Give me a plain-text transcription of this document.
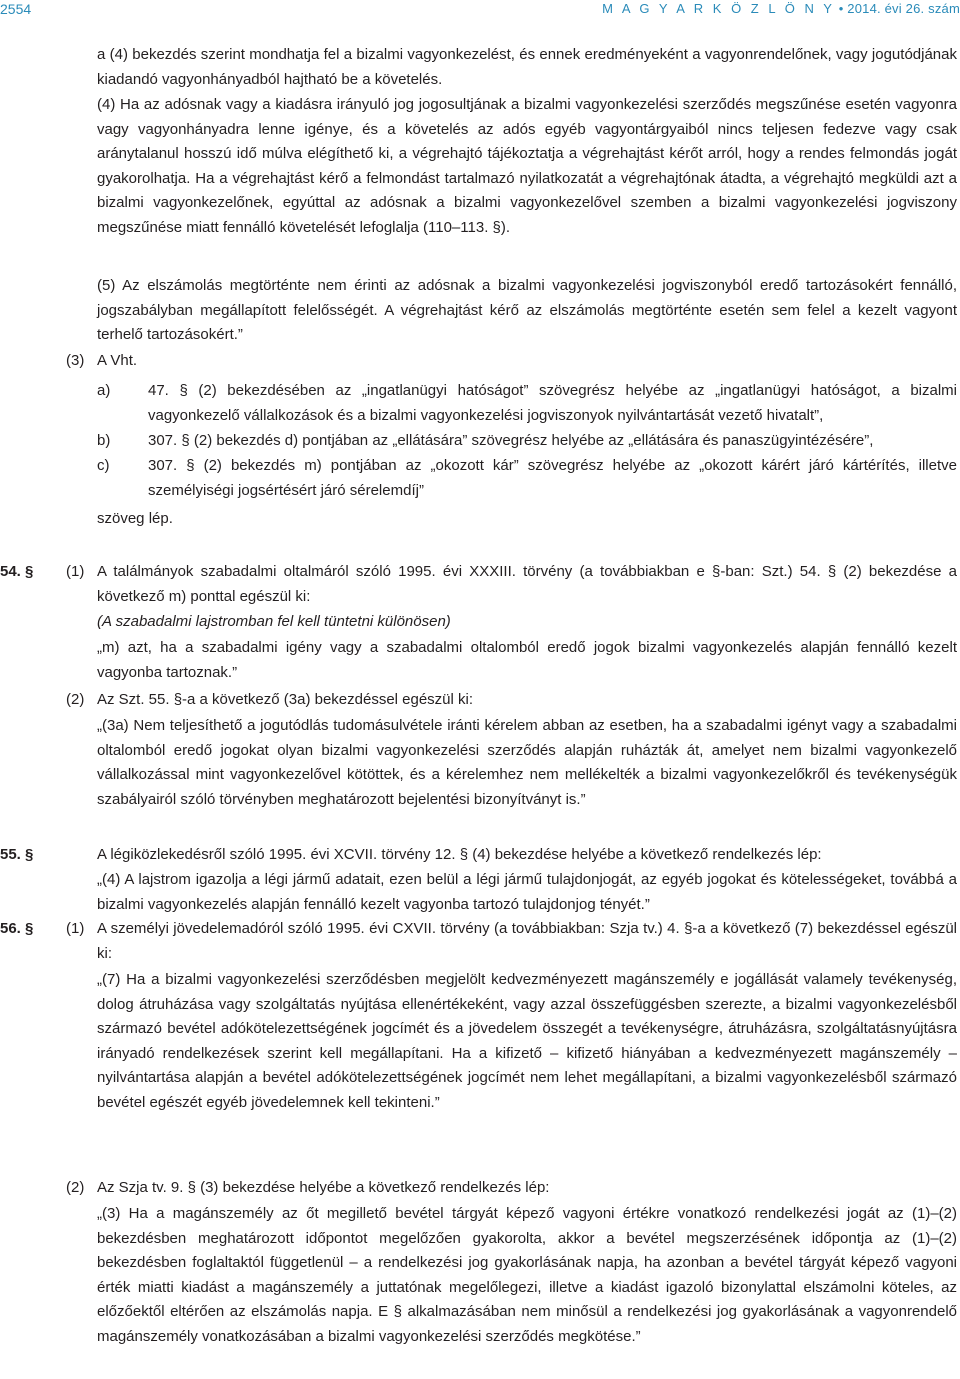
2554	M A G Y A R K Ö Z L Ö N Y • 2014. évi 26. szám

a (4) bekezdés szerint mondhatja fel a bizalmi vagyonkezelést, és ennek eredményeként a vagyonrendelőnek, vagy jogutódjának kiadandó vagyonhányadból hajtható be a követelés.

(4) Ha az adósnak vagy a kiadásra irányuló jog jogosultjának a bizalmi vagyonkezelési szerződés megszűnése esetén vagyonra vagy vagyonhányadra lenne igénye, és a követelés az adós egyéb vagyontárgyaiból nincs teljesen fedezve vagy csak aránytalanul hosszú idő múlva elégíthető ki, a végrehajtó tájékoztatja a végrehajtást kérőt arról, hogy a rendes felmondás jogát gyakorolhatja. Ha a végrehajtást kérő a felmondást tartalmazó nyilatkozatát a végrehajtónak átadta, a végrehajtó megküldi azt a bizalmi vagyonkezelőnek, egyúttal az adósnak a bizalmi vagyonkezelővel szemben a bizalmi vagyonkezelési jogviszony megszűnése miatt fennálló követelését lefoglalja (110–113. §).

(5) Az elszámolás megtörténte nem érinti az adósnak a bizalmi vagyonkezelési jogviszonyból eredő tartozásokért fennálló, jogszabályban megállapított felelősségét. A végrehajtást kérő az elszámolás megtörténte esetén sem felel a kezelt vagyont terhelő tartozásokért.”

(3) A Vht.

a)	47. § (2) bekezdésében az „ingatlanügyi hatóságot” szövegrész helyébe az „ingatlanügyi hatóságot, a bizalmi vagyonkezelő vállalkozások és a bizalmi vagyonkezelési jogviszonyok nyilvántartását vezető hivatalt”,

b)	307. § (2) bekezdés d) pontjában az „ellátására” szövegrész helyébe az „ellátására és panaszügyintézésére”,

c)	307. § (2) bekezdés m) pontjában az „okozott kár” szövegrész helyébe az „okozott kárért járó kártérítés, illetve személyiségi jogsértésért járó sérelemdíj”

szöveg lép.

54. § (1) A találmányok szabadalmi oltalmáról szóló 1995. évi XXXIII. törvény (a továbbiakban e §-ban: Szt.) 54. § (2) bekezdése a következő m) ponttal egészül ki:

(A szabadalmi lajstromban fel kell tüntetni különösen)

„m) azt, ha a szabadalmi igény vagy a szabadalmi oltalomból eredő jogok bizalmi vagyonkezelés alapján fennálló kezelt vagyonba tartoznak.”

(2) Az Szt. 55. §-a a következő (3a) bekezdéssel egészül ki:

„(3a) Nem teljesíthető a jogutódlás tudomásulvétele iránti kérelem abban az esetben, ha a szabadalmi igényt vagy a szabadalmi oltalomból eredő jogokat olyan bizalmi vagyonkezelési szerződés alapján ruházták át, amelyet nem bizalmi vagyonkezelő vállalkozással mint vagyonkezelővel kötöttek, és a kérelemhez nem mellékelték a bizalmi vagyonkezelőkről és tevékenységük szabályairól szóló törvényben meghatározott bejelentési bizonyítványt is.”

55. §	A légiközlekedésről szóló 1995. évi XCVII. törvény 12. § (4) bekezdése helyébe a következő rendelkezés lép:

„(4) A lajstrom igazolja a légi jármű adatait, ezen belül a légi jármű tulajdonjogát, az egyéb jogokat és kötelességeket, továbbá a bizalmi vagyonkezelés alapján fennálló kezelt vagyonba tartozó tulajdonjog tényét.”

56. § (1) A személyi jövedelemadóról szóló 1995. évi CXVII. törvény (a továbbiakban: Szja tv.) 4. §-a a következő (7) bekezdéssel egészül ki:

„(7) Ha a bizalmi vagyonkezelési szerződésben megjelölt kedvezményezett magánszemély e jogállását valamely tevékenység, dolog átruházása vagy szolgáltatás nyújtása ellenértékeként, vagy azzal összefüggésben szerezte, a bizalmi vagyonkezelésből származó bevétel adókötelezettségének jogcímét és a jövedelem összegét a tevékenységre, átruházásra, szolgáltatásnyújtásra irányadó rendelkezések szerint kell megállapítani. Ha a kifizető – kifizető hiányában a kedvezményezett magánszemély – nyilvántartása alapján a bevétel adókötelezettségének jogcímét nem lehet megállapítani, a bizalmi vagyonkezelésből származó bevétel egészét egyéb jövedelemnek kell tekinteni.”

(2) Az Szja tv. 9. § (3) bekezdése helyébe a következő rendelkezés lép:

„(3) Ha a magánszemély az őt megillető bevétel tárgyát képező vagyoni értékre vonatkozó rendelkezési jogát az (1)–(2) bekezdésben meghatározott időpontot megelőzően gyakorolta, akkor a bevétel megszerzésének időpontja az (1)–(2) bekezdésben foglaltaktól függetlenül – a rendelkezési jog gyakorlásának napja, ha azonban a bevétel tárgyát képező vagyoni érték miatti kiadást a magánszemély a juttatónak megelőlegezi, illetve a kiadást igazoló bizonylattal elszámolni köteles, az előzőektől eltérően az elszámolás napja. E § alkalmazásában nem minősül a rendelkezési jog gyakorlásának a vagyonrendelő magánszemély vonatkozásában a bizalmi vagyonkezelési szerződés megkötése.”
